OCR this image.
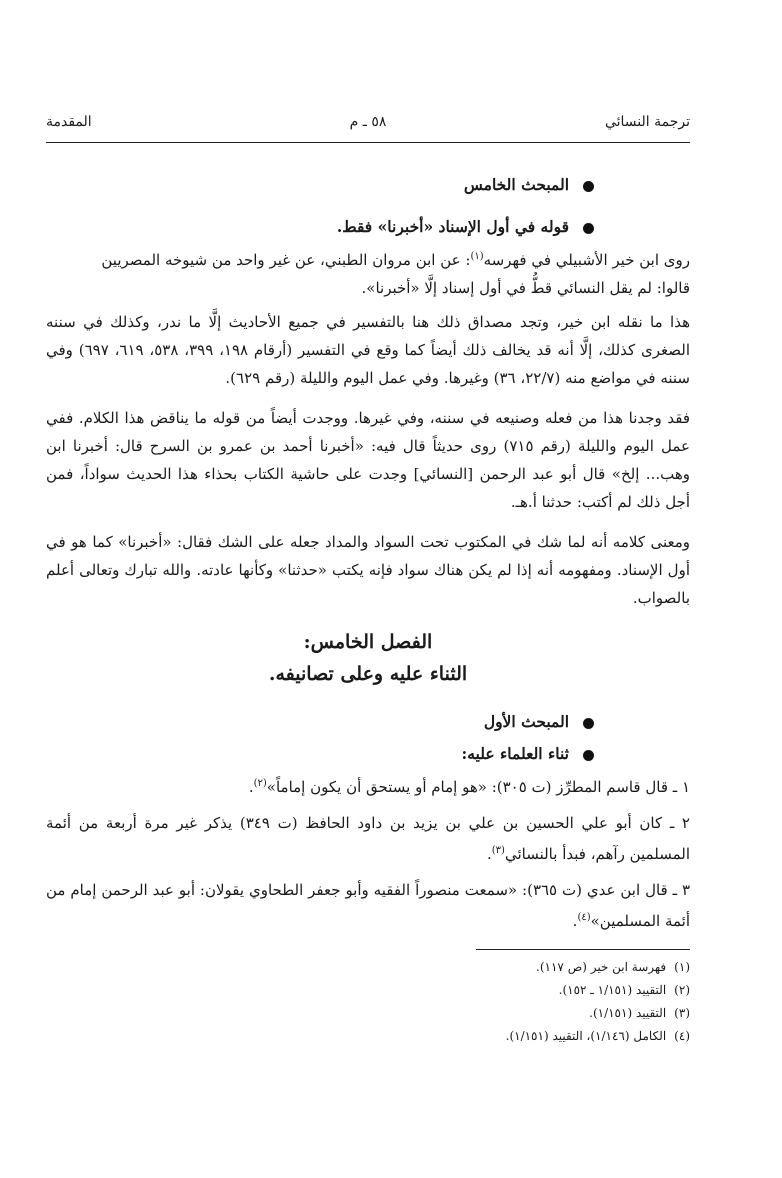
ترجمة النسائي
٥٨ ـ م
المقدمة

المبحث الخامس

قوله في أول الإسناد «أخبرنا» فقط.

روى ابن خير الأشبيلي في فهرسه$^{(١)}$: عن ابن مروان الطبني، عن غير واحد من شيوخه المصريين
قالوا: لم يقل النسائي قطُّ في أول إسناد إلَّا «أخبرنا».

هذا ما نقله ابن خير، وتجد مصداق ذلك هنا بالتفسير في جميع الأحاديث إلَّا ما ندر، وكذلك في سننه الصغرى كذلك، إلَّا أنه قد يخالف ذلك أيضاً كما وقع في التفسير (أرقام ١٩٨، ٣٩٩، ٥٣٨، ٦١٩، ٦٩٧) وفي سننه في مواضع منه (٢٢/٧، ٣٦) وغيرها. وفي عمل اليوم والليلة (رقم ٦٢٩).

فقد وجدنا هذا من فعله وصنيعه في سننه، وفي غيرها. ووجدت أيضاً من قوله ما يناقض هذا الكلام. ففي عمل اليوم والليلة (رقم ٧١٥) روى حديثاً قال فيه: «أخبرنا أحمد بن عمرو بن السرح قال: أخبرنا ابن وهب... إلخ» قال أبو عبد الرحمن [النسائي] وجدت على حاشية الكتاب بحذاء هذا الحديث سواداً، فمن أجل ذلك لم أكتب: حدثنا أ.هـ.

ومعنى كلامه أنه لما شك في المكتوب تحت السواد والمداد جعله على الشك فقال: «أخبرنا» كما هو في أول الإسناد. ومفهومه أنه إذا لم يكن هناك سواد فإنه يكتب «حدثنا» وكأنها عادته. والله تبارك وتعالى أعلم بالصواب.

الفصل الخامس:

الثناء عليه وعلى تصانيفه.

المبحث الأول

ثناء العلماء عليه:

١ ـ قال قاسم المطرِّز (ت ٣٠٥): «هو إمام أو يستحق أن يكون إماماً»$^{(٢)}$.

٢ ـ كان أبو علي الحسين بن علي بن يزيد بن داود الحافظ (ت ٣٤٩) يذكر غير مرة أربعة من أئمة المسلمين رآهم، فبدأ بالنسائي$^{(٣)}$.

٣ ـ قال ابن عدي (ت ٣٦٥): «سمعت منصوراً الفقيه وأبو جعفر الطحاوي يقولان: أبو عبد الرحمن إمام من أئمة المسلمين»$^{(٤)}$.

(١)فهرسة ابن خير (ص ١١٧).

(٢)التقييد (١/١٥١ ـ ١٥٢).

(٣)التقييد (١/١٥١).

(٤)الكامل (١/١٤٦)، التقييد (١/١٥١).
